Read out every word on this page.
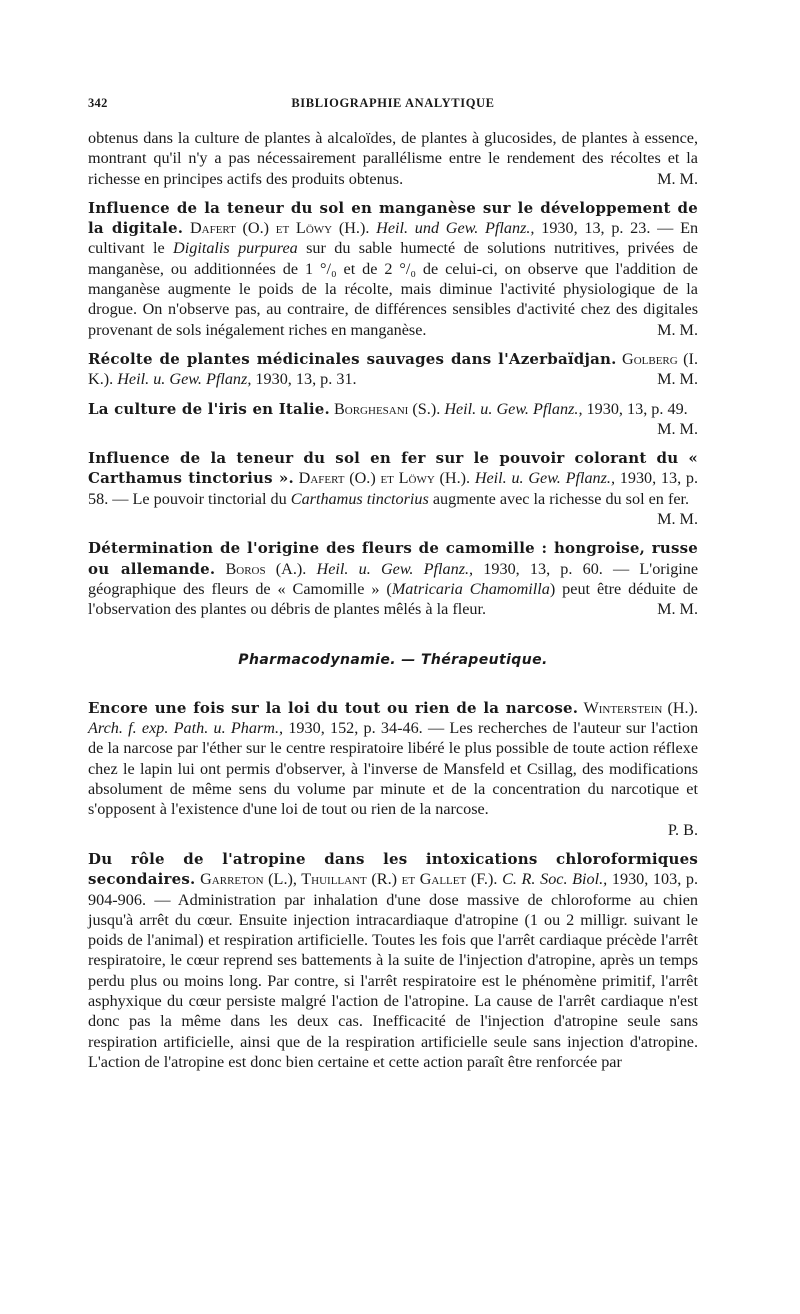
342	BIBLIOGRAPHIE ANALYTIQUE

obtenus dans la culture de plantes à alcaloïdes, de plantes à glucosides, de plantes à essence, montrant qu'il n'y a pas nécessairement parallélisme entre le rendement des récoltes et la richesse en principes actifs des produits obtenus.	M. M.

Influence de la teneur du sol en manganèse sur le développement de la digitale. Dafert (O.) et Löwy (H.). Heil. und Gew. Pflanz., 1930, 13, p. 23. — En cultivant le Digitalis purpurea sur du sable humecté de solutions nutritives, privées de manganèse, ou additionnées de 1 °/₀ et de 2 °/₀ de celui-ci, on observe que l'addition de manganèse augmente le poids de la récolte, mais diminue l'activité physiologique de la drogue. On n'observe pas, au contraire, de différences sensibles d'activité chez des digitales provenant de sols inégalement riches en manganèse.	M. M.

Récolte de plantes médicinales sauvages dans l'Azerbaïdjan. Golberg (I. K.). Heil. u. Gew. Pflanz, 1930, 13, p. 31.	M. M.

La culture de l'iris en Italie. Borghesani (S.). Heil. u. Gew. Pflanz., 1930, 13, p. 49.
M. M.

Influence de la teneur du sol en fer sur le pouvoir colorant du « Carthamus tinctorius ». Dafert (O.) et Löwy (H.). Heil. u. Gew. Pflanz., 1930, 13, p. 58. — Le pouvoir tinctorial du Carthamus tinctorius augmente avec la richesse du sol en fer.
M. M.

Détermination de l'origine des fleurs de camomille : hongroise, russe ou allemande. Boros (A.). Heil. u. Gew. Pflanz., 1930, 13, p. 60. — L'origine géographique des fleurs de « Camomille » (Matricaria Chamomilla) peut être déduite de l'observation des plantes ou débris de plantes mêlés à la fleur.	M. M.

Pharmacodynamie. — Thérapeutique.

Encore une fois sur la loi du tout ou rien de la narcose. Winterstein (H.). Arch. f. exp. Path. u. Pharm., 1930, 152, p. 34-46. — Les recherches de l'auteur sur l'action de la narcose par l'éther sur le centre respiratoire libéré le plus possible de toute action réflexe chez le lapin lui ont permis d'observer, à l'inverse de Mansfeld et Csillag, des modifications absolument de même sens du volume par minute et de la concentration du narcotique et s'opposent à l'existence d'une loi de tout ou rien de la narcose.

P. B.

Du rôle de l'atropine dans les intoxications chloroformiques secondaires. Garreton (L.), Thuillant (R.) et Gallet (F.). C. R. Soc. Biol., 1930, 103, p. 904-906. — Administration par inhalation d'une dose massive de chloroforme au chien jusqu'à arrêt du cœur. Ensuite injection intracardiaque d'atropine (1 ou 2 milligr. suivant le poids de l'animal) et respiration artificielle. Toutes les fois que l'arrêt cardiaque précède l'arrêt respiratoire, le cœur reprend ses battements à la suite de l'injection d'atropine, après un temps perdu plus ou moins long. Par contre, si l'arrêt respiratoire est le phénomène primitif, l'arrêt asphyxique du cœur persiste malgré l'action de l'atropine. La cause de l'arrêt cardiaque n'est donc pas la même dans les deux cas. Inefficacité de l'injection d'atropine seule sans respiration artificielle, ainsi que de la respiration artificielle seule sans injection d'atropine. L'action de l'atropine est donc bien certaine et cette action paraît être renforcée par
